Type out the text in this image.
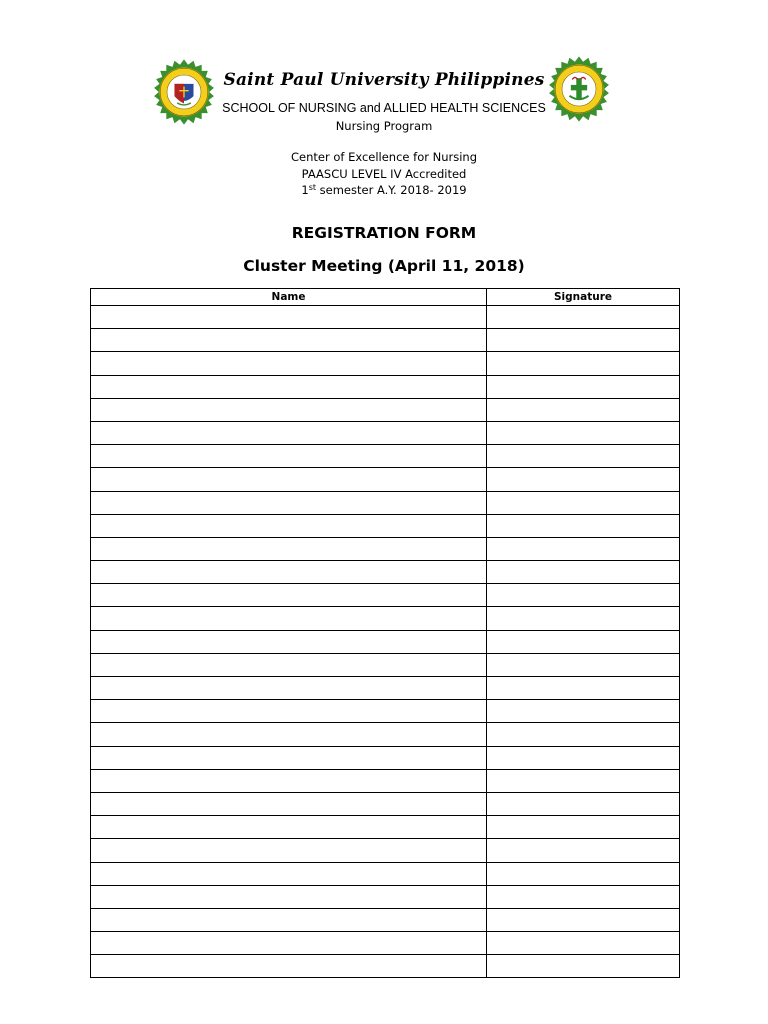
Saint Paul University Philippines
SCHOOL OF NURSING and ALLIED HEALTH SCIENCES
Nursing Program
Center of Excellence for Nursing
PAASCU LEVEL IV Accredited
1st semester A.Y. 2018- 2019
REGISTRATION FORM
Cluster Meeting (April 11, 2018)
Name	Signature
